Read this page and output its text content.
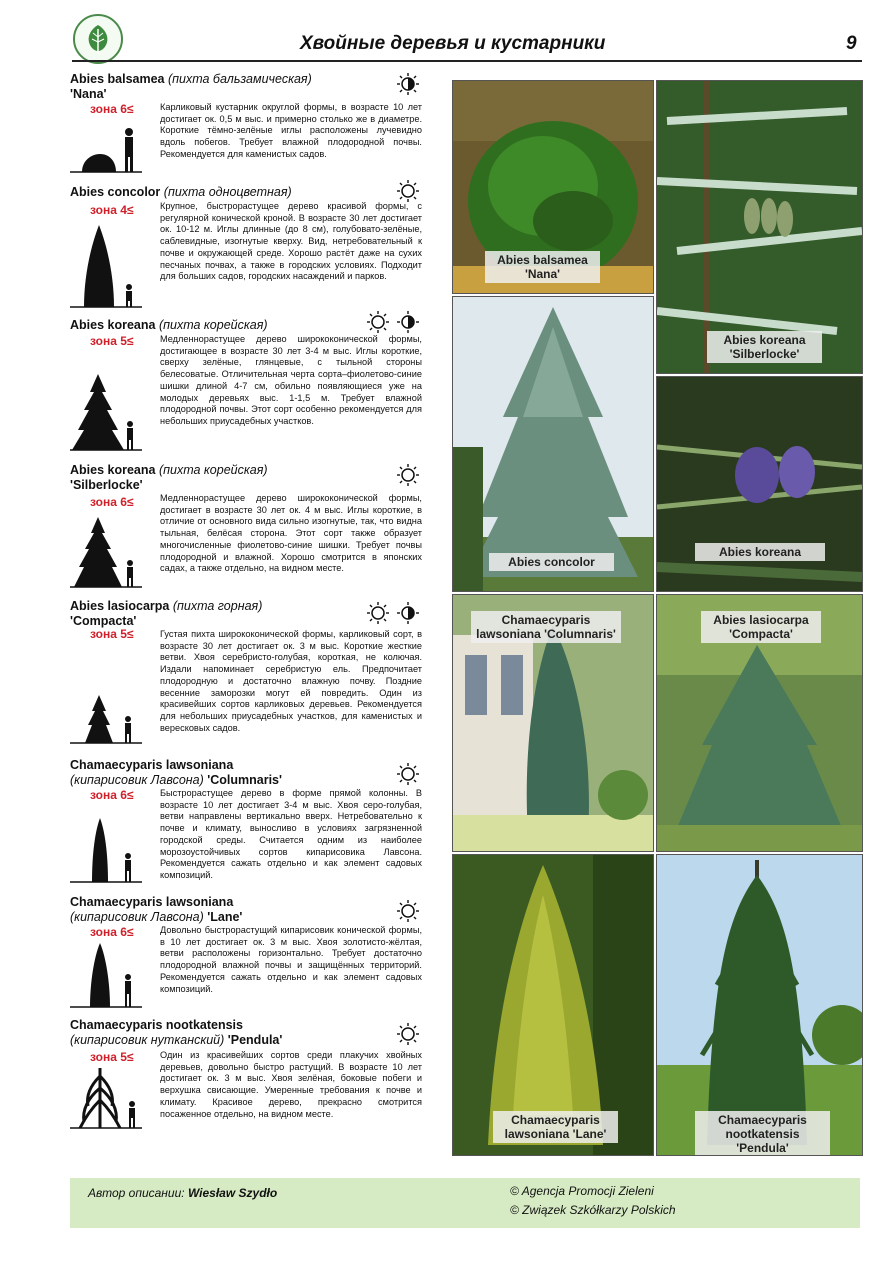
Хвойные деревья и кустарники	9
Abies balsamea (пихта бальзамическая)
'Nana'
зона 6≤	Карликовый кустарник округлой формы, в возрасте 10 лет достигает ок. 0,5 м выс. и примерно столько же в диаметре. Короткие тёмно-зелёные иглы расположены лучевидно вдоль побегов. Требует влажной плодородной почвы. Рекомендуется для каменистых садов.
Abies concolor (пихта одноцветная)
зона 4≤	Крупное, быстрорастущее дерево красивой формы, с регулярной конической кроной. В возрасте 30 лет достигает ок. 10-12 м. Иглы длинные (до 8 см), голубовато-зелёные, саблевидные, изогнутые кверху. Вид, нетребовательный к почве и окружающей среде. Хорошо растёт даже на сухих песчаных почвах, а также в городских условиях. Подходит для больших садов, городских насаждений и парков.
Abies koreana (пихта корейская)
зона 5≤	Медленнорастущее дерево ширококонической формы, достигающее в возрасте 30 лет 3-4 м выс. Иглы короткие, сверху зелёные, глянцевые, с тыльной стороны белесоватые. Отличительная черта сорта–фиолетово-синие шишки длиной 4-7 см, обильно появляющиеся уже на молодых деревьях выс. 1-1,5 м. Требует влажной плодородной почвы. Этот сорт особенно рекомендуется для небольших приусадебных участков.
Abies koreana (пихта корейская)
'Silberlocke'
зона 6≤	Медленнорастущее дерево ширококонической формы, достигает в возрасте 30 лет ок. 4 м выс. Иглы короткие, в отличие от основного вида сильно изогнутые, так, что видна тыльная, белёсая сторона. Этот сорт также образует многочисленные фиолетово-синие шишки. Требует почвы плодородной и влажной. Хорошо смотрится в японских садах, а также отдельно, на видном месте.
Abies lasiocarpa (пихта горная)
'Compacta'
зона 5≤	Густая пихта ширококонической формы, карликовый сорт, в возрасте 30 лет достигает ок. 3 м выс. Короткие жесткие ветви. Хвоя серебристо-голубая, короткая, не колючая. Издали напоминает серебристую ель. Предпочитает плодородную и достаточно влажную почву. Поздние весенние заморозки могут ей повредить. Один из красивейших сортов карликовых деревьев. Рекомендуется для небольших приусадебных участков, для каменистых и вересковых садов.
Chamaecyparis lawsoniana
(кипарисовик Лавсона) 'Columnaris'
зона 6≤	Быстрорастущее дерево в форме прямой колонны. В возрасте 10 лет достигает 3-4 м выс. Хвоя серо-голубая, ветви направлены вертикально вверх. Нетребовательно к почве и климату, выносливо в условиях загрязненной городской среды. Считается одним из наиболее морозоустойчивых сортов кипарисовика Лавсона. Рекомендуется сажать отдельно и как элемент садовых композиций.
Chamaecyparis lawsoniana
(кипарисовик Лавсона) 'Lane'
зона 6≤	Довольно быстрорастущий кипарисовик конической формы, в 10 лет достигает ок. 3 м выс. Хвоя золотисто-жёлтая, ветви расположены горизонтально. Требует достаточно плодородной влажной почвы и защищённых территорий. Рекомендуется сажать отдельно и как элемент садовых композиций.
Chamaecyparis nootkatensis
(кипарисовик нутканский) 'Pendula'
зона 5≤	Один из красивейших сортов среди плакучих хвойных деревьев, довольно быстро растущий. В возрасте 10 лет достигает ок. 3 м выс. Хвоя зелёная, боковые побеги и верхушка свисающие. Умеренные требования к почве и климату. Красивое дерево, прекрасно смотрится посаженное отдельно, на видном месте.
Abies balsamea
'Nana'
Abies koreana
'Silberlocke'
Abies concolor
Abies koreana
Chamaecyparis
lawsoniana 'Columnaris'
Abies lasiocarpa
'Compacta'
Chamaecyparis
lawsoniana 'Lane'
Chamaecyparis
nootkatensis 'Pendula'
Автор описании: Wiesław Szydło	© Agencja Promocji Zieleni
© Związek Szkółkarzy Polskich
